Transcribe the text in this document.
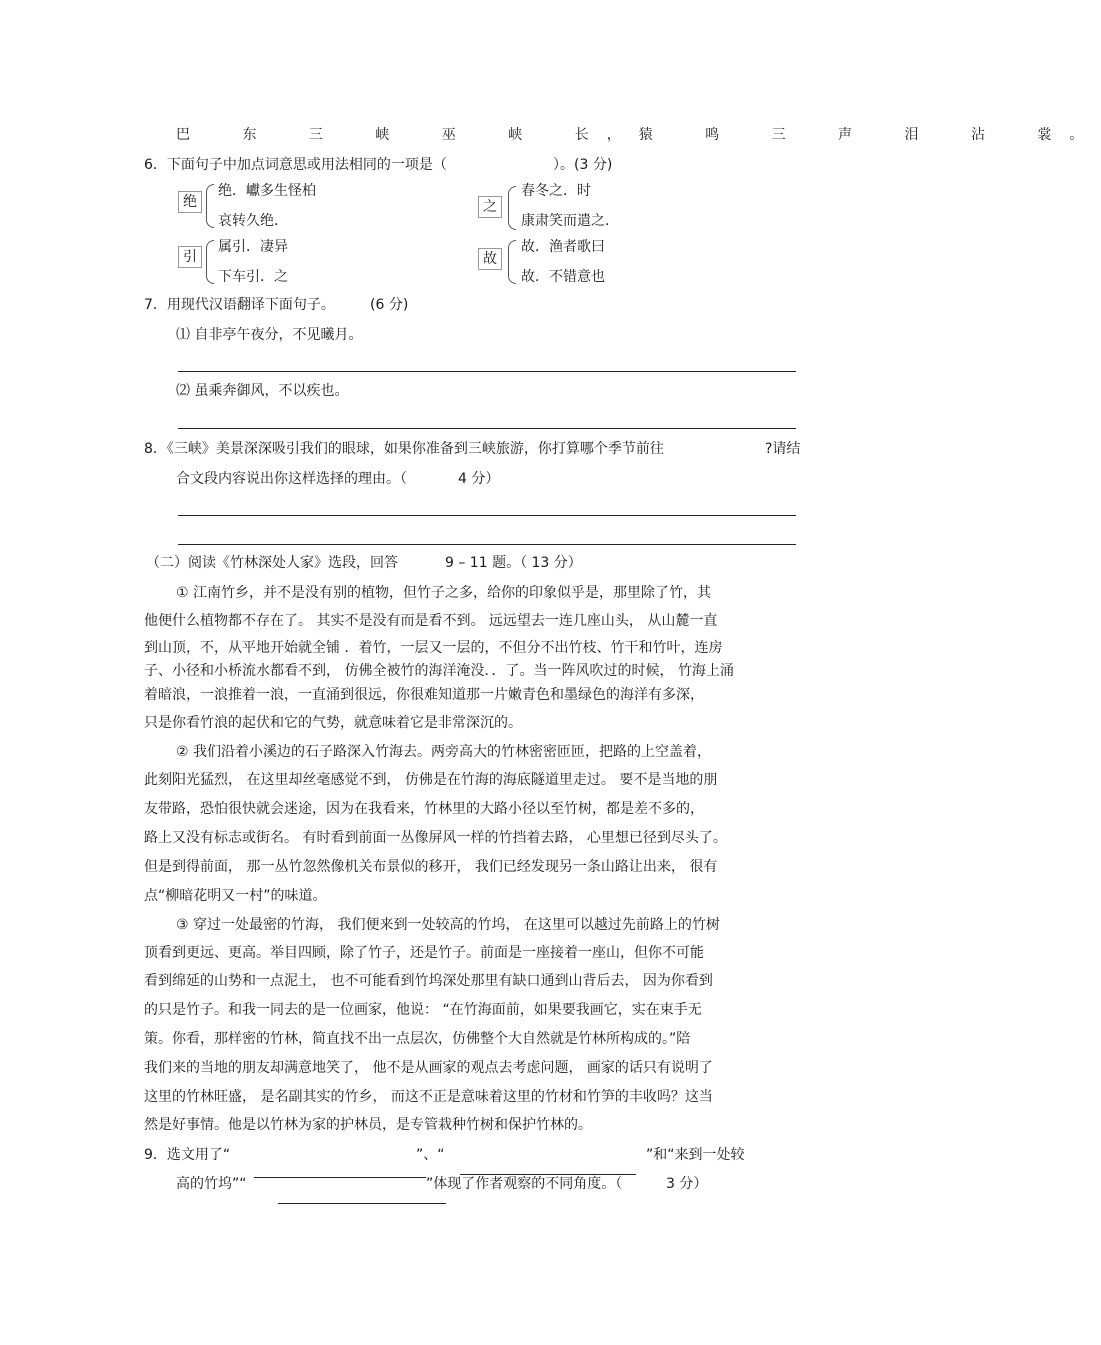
巴 东 三 峡 巫 峡 长，猿 鸣 三 声 泪 沾 裳。
6．下面句子中加点词意思或用法相同的一项是（	）。(3 分)
绝
绝．巘多生怪柏
哀转久绝．
之
春冬之．时
康肃笑而遣之．
引
属引．凄异
下车引．之
故
故．渔者歌曰
故．不错意也
7．用现代汉语翻译下面句子。	(6 分)
⑴ 自非亭午夜分，不见曦月。
⑵ 虽乘奔御风，不以疾也。
8．《三峡》美景深深吸引我们的眼球，如果你准备到三峡旅游，你打算哪个季节前往	?请结
合文段内容说出你这样选择的理由。（	4 分）
（二）阅读《竹林深处人家》选段，回答	9 – 11 题。（ 13 分）
① 江南竹乡，并不是没有别的植物，但竹子之多，给你的印象似乎是，那里除了竹，其
他便什么植物都不存在了。 其实不是没有而是看不到。 远远望去一连几座山头， 从山麓一直
到山顶，不，从平地开始就全铺 ．着竹，一层又一层的，不但分不出竹枝、竹干和竹叶，连房
子、小径和小桥流水都看不到， 仿佛全被竹的海洋淹没．．了。当一阵风吹过的时候， 竹海上涌
着暗浪，一浪推着一浪，一直涌到很远，你很难知道那一片嫩青色和墨绿色的海洋有多深，
只是你看竹浪的起伏和它的气势，就意味着它是非常深沉的。
② 我们沿着小溪边的石子路深入竹海去。两旁高大的竹林密密匝匝，把路的上空盖着，
此刻阳光猛烈， 在这里却丝毫感觉不到， 仿佛是在竹海的海底隧道里走过。 要不是当地的朋
友带路，恐怕很快就会迷途，因为在我看来，竹林里的大路小径以至竹树，都是差不多的，
路上又没有标志或街名。 有时看到前面一丛像屏风一样的竹挡着去路， 心里想已径到尽头了。
但是到得前面， 那一丛竹忽然像机关布景似的移开， 我们已经发现另一条山路让出来， 很有
点“柳暗花明又一村”的味道。
③ 穿过一处最密的竹海， 我们便来到一处较高的竹坞， 在这里可以越过先前路上的竹树
顶看到更远、更高。举目四顾，除了竹子，还是竹子。前面是一座接着一座山，但你不可能
看到绵延的山势和一点泥土， 也不可能看到竹坞深处那里有缺口通到山背后去， 因为你看到
的只是竹子。和我一同去的是一位画家，他说： “在竹海面前，如果要我画它，实在束手无
策。你看，那样密的竹林，简直找不出一点层次，仿佛整个大自然就是竹林所构成的。”陪
我们来的当地的朋友却满意地笑了， 他不是从画家的观点去考虑问题， 画家的话只有说明了
这里的竹林旺盛， 是名副其实的竹乡， 而这不正是意味着这里的竹材和竹笋的丰收吗？这当
然是好事情。他是以竹林为家的护林员，是专管栽种竹树和保护竹林的。
9．选文用了“	”、“	”和“来到一处较
高的竹坞”“	”体现了作者观察的不同角度。（	3 分）
